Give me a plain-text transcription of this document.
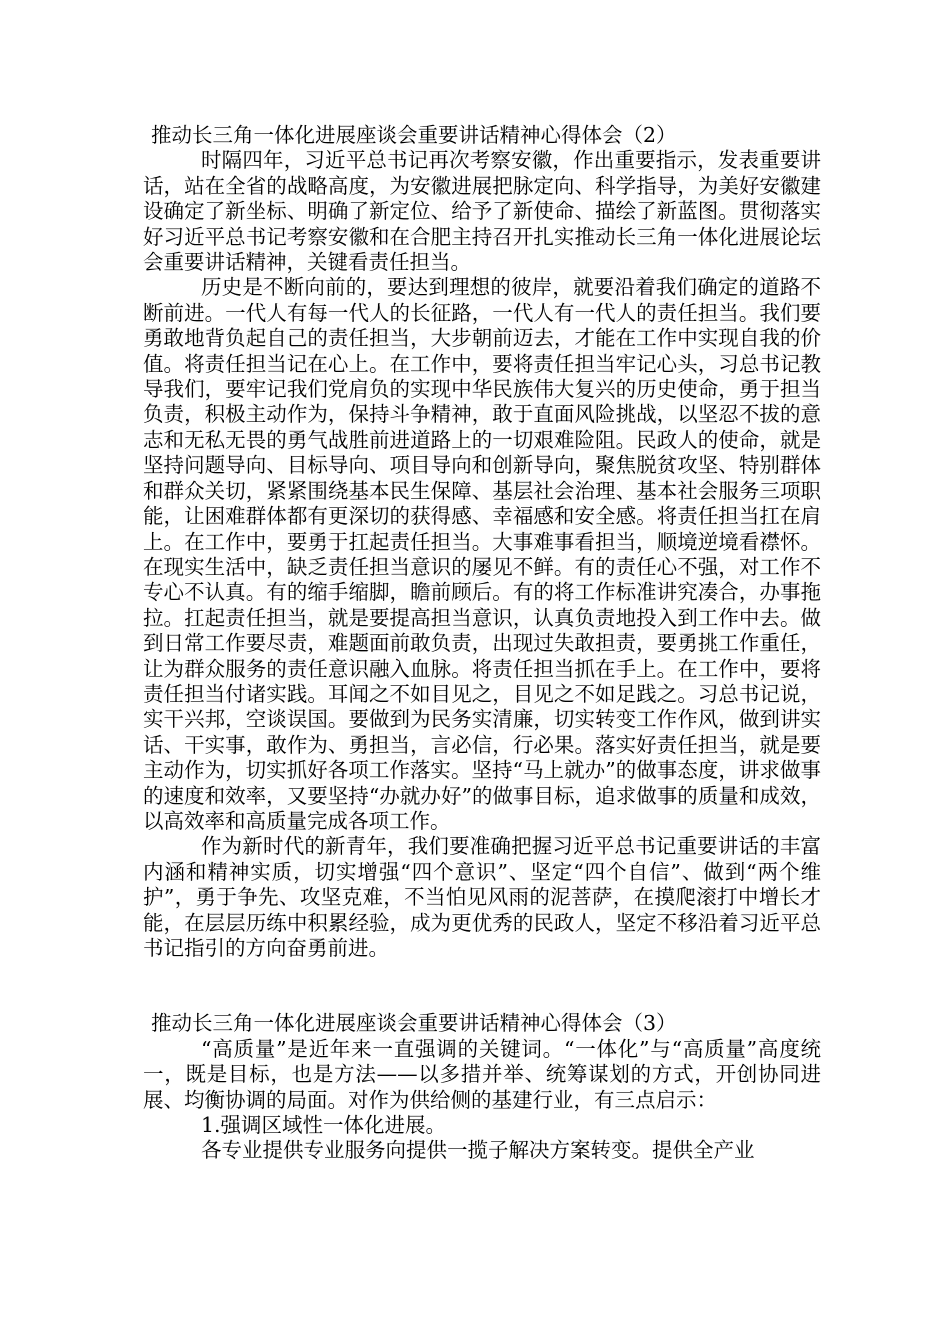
推动长三角一体化进展座谈会重要讲话精神心得体会（2）

时隔四年，习近平总书记再次考察安徽，作出重要指示，发表重要讲话，站在全省的战略高度，为安徽进展把脉定向、科学指导，为美好安徽建设确定了新坐标、明确了新定位、给予了新使命、描绘了新蓝图。贯彻落实好习近平总书记考察安徽和在合肥主持召开扎实推动长三角一体化进展论坛会重要讲话精神，关键看责任担当。

历史是不断向前的，要达到理想的彼岸，就要沿着我们确定的道路不断前进。一代人有每一代人的长征路，一代人有一代人的责任担当。我们要勇敢地背负起自己的责任担当，大步朝前迈去，才能在工作中实现自我的价值。将责任担当记在心上。在工作中，要将责任担当牢记心头，习总书记教导我们，要牢记我们党肩负的实现中华民族伟大复兴的历史使命，勇于担当负责，积极主动作为，保持斗争精神，敢于直面风险挑战，以坚忍不拔的意志和无私无畏的勇气战胜前进道路上的一切艰难险阻。民政人的使命，就是坚持问题导向、目标导向、项目导向和创新导向，聚焦脱贫攻坚、特别群体和群众关切，紧紧围绕基本民生保障、基层社会治理、基本社会服务三项职能，让困难群体都有更深切的获得感、幸福感和安全感。将责任担当扛在肩上。在工作中，要勇于扛起责任担当。大事难事看担当，顺境逆境看襟怀。在现实生活中，缺乏责任担当意识的屡见不鲜。有的责任心不强，对工作不专心不认真。有的缩手缩脚，瞻前顾后。有的将工作标准讲究凑合，办事拖拉。扛起责任担当，就是要提高担当意识，认真负责地投入到工作中去。做到日常工作要尽责，难题面前敢负责，出现过失敢担责，要勇挑工作重任，让为群众服务的责任意识融入血脉。将责任担当抓在手上。在工作中，要将责任担当付诸实践。耳闻之不如目见之，目见之不如足践之。习总书记说，实干兴邦，空谈误国。要做到为民务实清廉，切实转变工作作风，做到讲实话、干实事，敢作为、勇担当，言必信，行必果。落实好责任担当，就是要主动作为，切实抓好各项工作落实。坚持“马上就办”的做事态度，讲求做事的速度和效率，又要坚持“办就办好”的做事目标，追求做事的质量和成效，以高效率和高质量完成各项工作。

作为新时代的新青年，我们要准确把握习近平总书记重要讲话的丰富内涵和精神实质，切实增强“四个意识”、坚定“四个自信”、做到“两个维护”，勇于争先、攻坚克难，不当怕见风雨的泥菩萨，在摸爬滚打中增长才能，在层层历练中积累经验，成为更优秀的民政人，坚定不移沿着习近平总书记指引的方向奋勇前进。

推动长三角一体化进展座谈会重要讲话精神心得体会（3）

“高质量”是近年来一直强调的关键词。“一体化”与“高质量”高度统一，既是目标，也是方法——以多措并举、统筹谋划的方式，开创协同进展、均衡协调的局面。对作为供给侧的基建行业，有三点启示：

1.强调区域性一体化进展。

各专业提供专业服务向提供一揽子解决方案转变。提供全产业
